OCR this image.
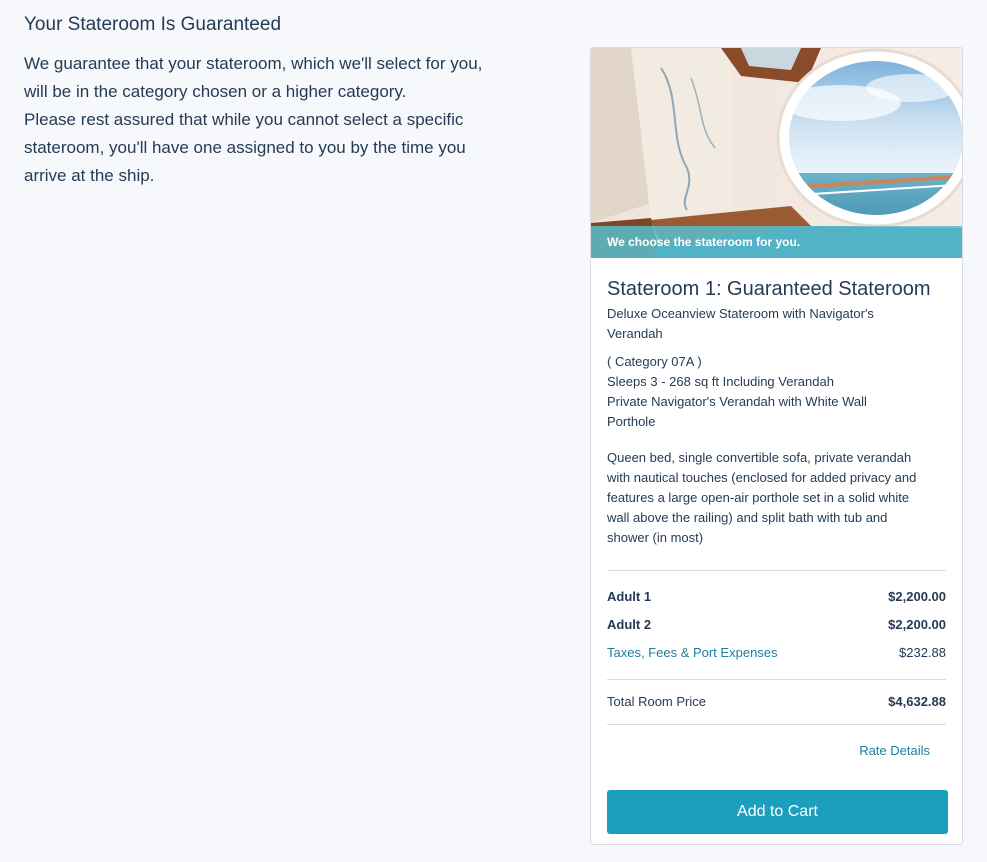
Your Stateroom Is Guaranteed

We guarantee that your stateroom, which we'll select for you,
will be in the category chosen or a higher category.
Please rest assured that while you cannot select a specific
stateroom, you'll have one assigned to you by the time you
arrive at the ship.

We choose the stateroom for you.
Stateroom 1: Guaranteed Stateroom
Deluxe Oceanview Stateroom with Navigator's
Verandah
( Category 07A )
Sleeps 3 - 268 sq ft Including Verandah
Private Navigator's Verandah with White Wall
Porthole
Queen bed, single convertible sofa, private verandah
with nautical touches (enclosed for added privacy and
features a large open-air porthole set in a solid white
wall above the railing) and split bath with tub and
shower (in most)
Adult 1	$2,200.00
Adult 2	$2,200.00
Taxes, Fees & Port Expenses	$232.88
Total Room Price	$4,632.88
Rate Details
Add to Cart
